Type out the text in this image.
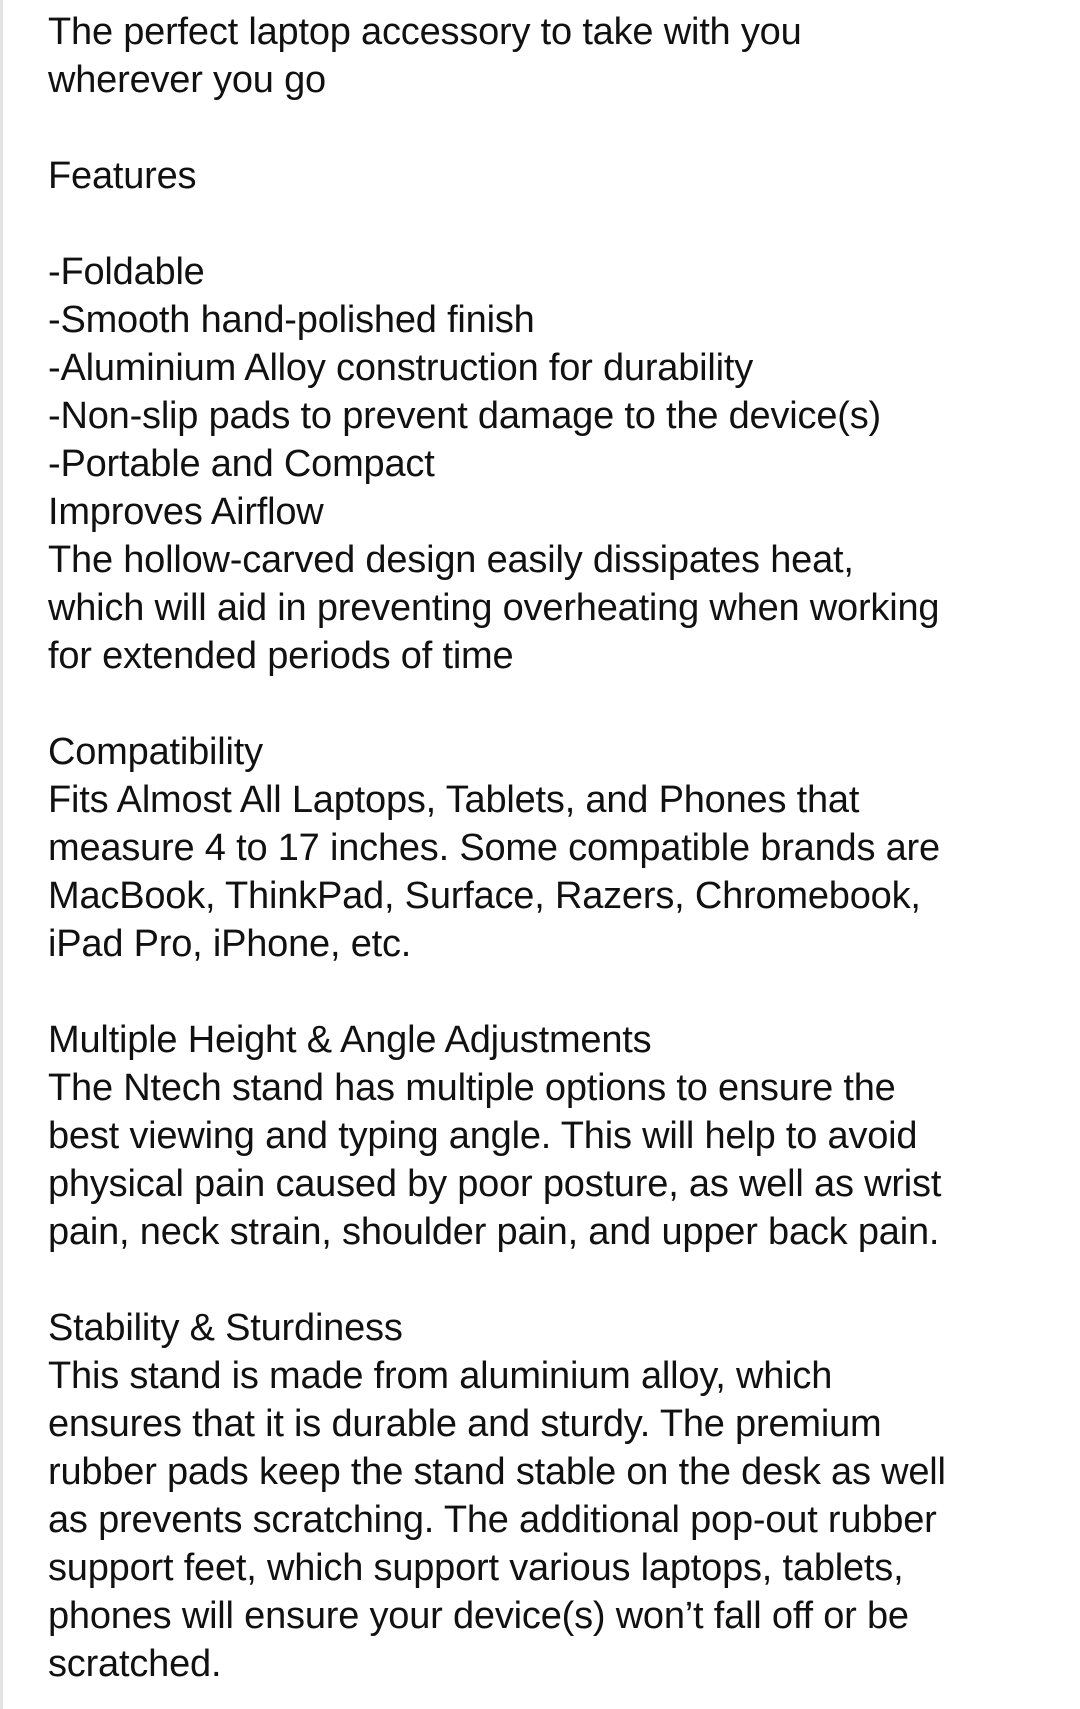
The perfect laptop accessory to take with you
wherever you go
Features
-Foldable
-Smooth hand-polished finish
-Aluminium Alloy construction for durability
-Non-slip pads to prevent damage to the device(s)
-Portable and Compact
Improves Airflow
The hollow-carved design easily dissipates heat,
which will aid in preventing overheating when working
for extended periods of time
Compatibility
Fits Almost All Laptops, Tablets, and Phones that
measure 4 to 17 inches. Some compatible brands are
MacBook, ThinkPad, Surface, Razers, Chromebook,
iPad Pro, iPhone, etc.
Multiple Height & Angle Adjustments
The Ntech stand has multiple options to ensure the
best viewing and typing angle. This will help to avoid
physical pain caused by poor posture, as well as wrist
pain, neck strain, shoulder pain, and upper back pain.
Stability & Sturdiness
This stand is made from aluminium alloy, which
ensures that it is durable and sturdy. The premium
rubber pads keep the stand stable on the desk as well
as prevents scratching. The additional pop-out rubber
support feet, which support various laptops, tablets,
phones will ensure your device(s) won’t fall off or be
scratched.
